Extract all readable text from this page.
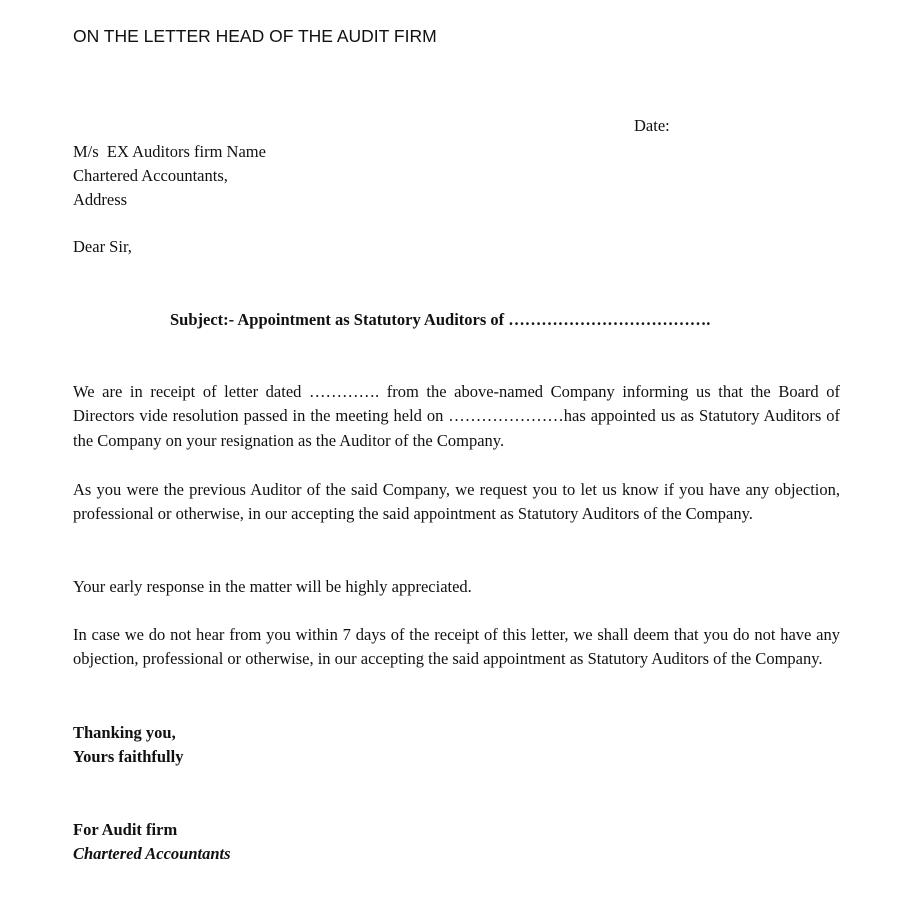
ON THE LETTER HEAD OF THE AUDIT FIRM
Date:
M/s  EX Auditors firm Name
Chartered Accountants,
Address
Dear Sir,
Subject:- Appointment as Statutory Auditors of ……………………………….
We are in receipt of letter dated …………. from the above-named Company informing us that the Board of Directors vide resolution passed in the meeting held on …………………has appointed us as Statutory Auditors of the Company on your resignation as the Auditor of the Company.
As you were the previous Auditor of the said Company, we request you to let us know if you have any objection, professional or otherwise, in our accepting the said appointment as Statutory Auditors of the Company.
Your early response in the matter will be highly appreciated.
In case we do not hear from you within 7 days of the receipt of this letter, we shall deem that you do not have any objection, professional or otherwise, in our accepting the said appointment as Statutory Auditors of the Company.
Thanking you,
Yours faithfully
For Audit firm
Chartered Accountants
